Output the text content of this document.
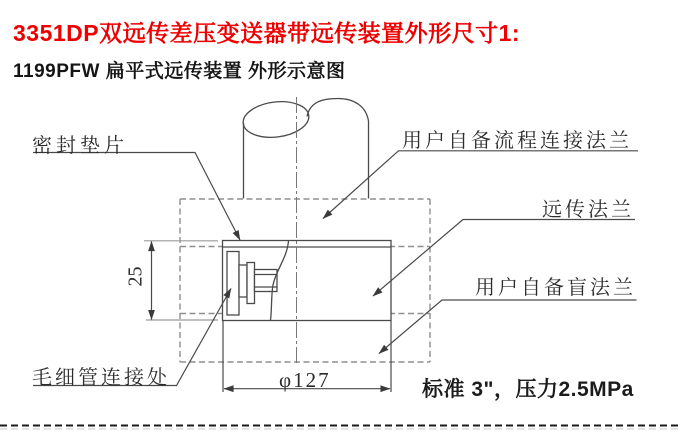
3351DP双远传差压变送器带远传装置外形尺寸1:
1199PFW 扁平式远传装置 外形示意图
密封垫片	用户自备流程连接法兰
远传法兰
用户自备盲法兰
毛细管连接处
25
φ127	标准 3"，压力2.5MPa
